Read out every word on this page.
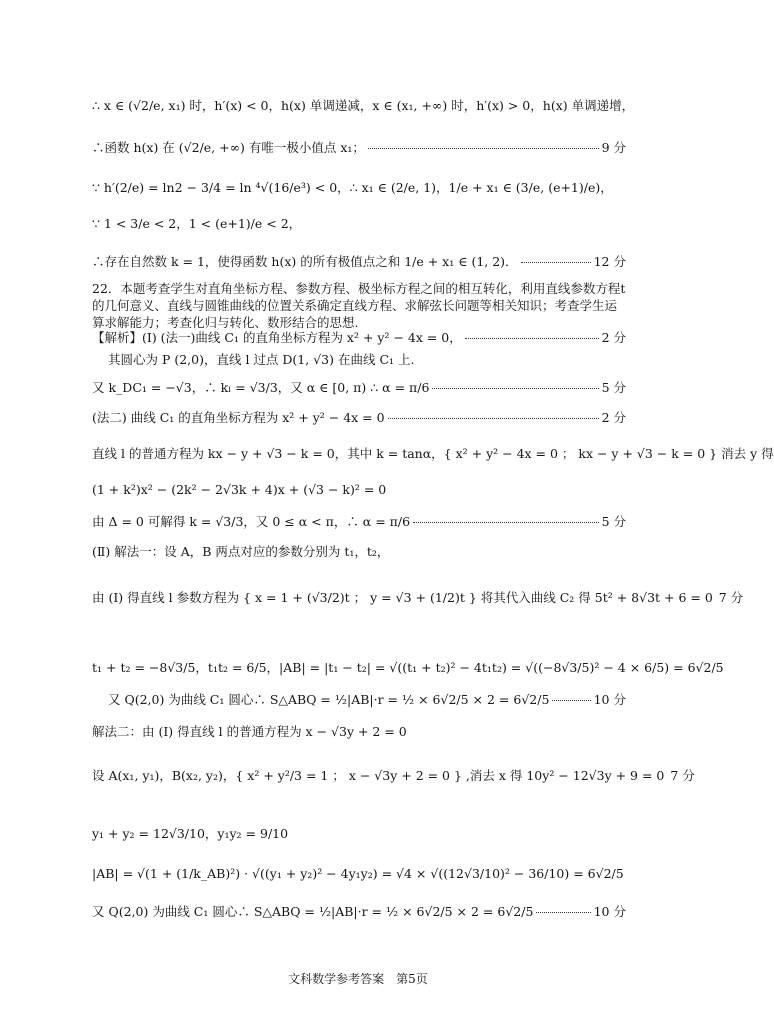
∴ x ∈ (√2/e, x₁) 时，h′(x) < 0，h(x) 单调递减，x ∈ (x₁, +∞) 时，h′(x) > 0，h(x) 单调递增，
∴函数 h(x) 在 (√2/e, +∞) 有唯一极小值点 x₁；	9 分
∵ h′(2/e) = ln2 − 3/4 = ln ⁴√(16/e³) < 0，∴ x₁ ∈ (2/e, 1)，1/e + x₁ ∈ (3/e, (e+1)/e)，
∵ 1 < 3/e < 2，1 < (e+1)/e < 2，
∴存在自然数 k = 1，使得函数 h(x) 的所有极值点之和 1/e + x₁ ∈ (1, 2)．	12 分
22．本题考查学生对直角坐标方程、参数方程、极坐标方程之间的相互转化，利用直线参数方程t的几何意义、直线与圆锥曲线的位置关系确定直线方程、求解弦长问题等相关知识；考查学生运算求解能力；考查化归与转化、数形结合的思想.
【解析】(Ⅰ) (法一)曲线 C₁ 的直角坐标方程为 x² + y² − 4x = 0，	2 分
其圆心为 P (2,0)，直线 l 过点 D(1, √3) 在曲线 C₁ 上.
又 k_DC₁ = −√3，∴ kₗ = √3/3，又 α ∈ [0, π) ∴ α = π/6	5 分
(法二) 曲线 C₁ 的直角坐标方程为 x² + y² − 4x = 0	2 分
直线 l 的普通方程为 kx − y + √3 − k = 0，其中 k = tanα，{ x² + y² − 4x = 0 ； kx − y + √3 − k = 0 } 消去 y 得
(1 + k²)x² − (2k² − 2√3k + 4)x + (√3 − k)² = 0
由 Δ = 0 可解得 k = √3/3，又 0 ≤ α < π，∴ α = π/6	5 分
(Ⅱ) 解法一：设 A，B 两点对应的参数分别为 t₁，t₂，
由 (Ⅰ) 得直线 l 参数方程为 { x = 1 + (√3/2)t ； y = √3 + (1/2)t } 将其代入曲线 C₂ 得 5t² + 8√3t + 6 = 0 7 分
t₁ + t₂ = −8√3/5，t₁t₂ = 6/5，|AB| = |t₁ − t₂| = √((t₁ + t₂)² − 4t₁t₂) = √((−8√3/5)² − 4 × 6/5) = 6√2/5
又 Q(2,0) 为曲线 C₁ 圆心∴ S△ABQ = ½|AB|·r = ½ × 6√2/5 × 2 = 6√2/5	10 分
解法二：由 (Ⅰ) 得直线 l 的普通方程为 x − √3y + 2 = 0
设 A(x₁, y₁)，B(x₂, y₂)，{ x² + y²/3 = 1 ； x − √3y + 2 = 0 } ,消去 x 得 10y² − 12√3y + 9 = 0 7 分
y₁ + y₂ = 12√3/10，y₁y₂ = 9/10
|AB| = √(1 + (1/k_AB)²) · √((y₁ + y₂)² − 4y₁y₂) = √4 × √((12√3/10)² − 36/10) = 6√2/5
又 Q(2,0) 为曲线 C₁ 圆心∴ S△ABQ = ½|AB|·r = ½ × 6√2/5 × 2 = 6√2/5	10 分
文科数学参考答案　第5页
